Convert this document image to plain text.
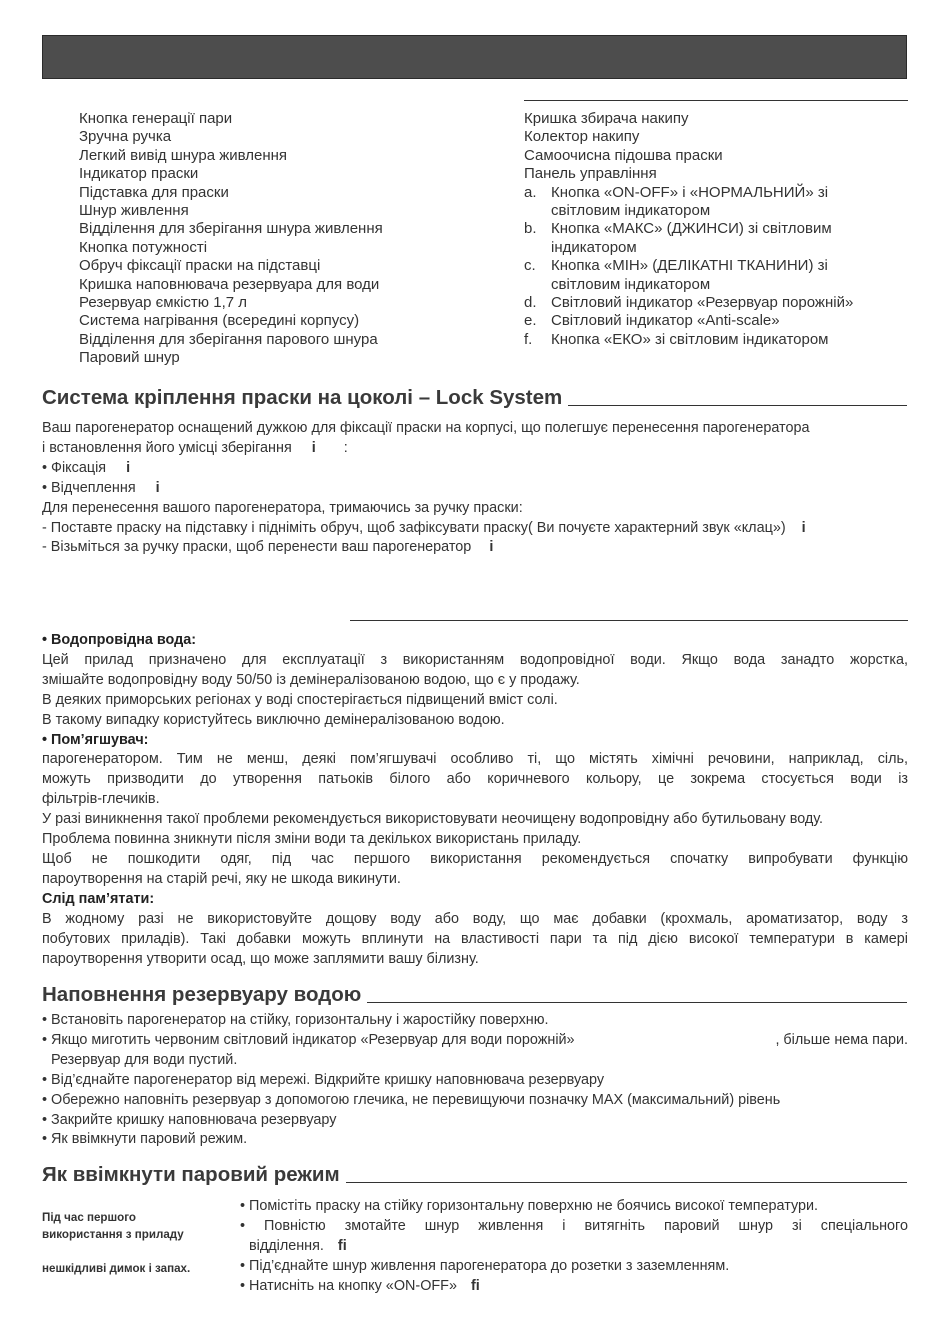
Кнопка генерації пари
Зручна ручка
Легкий вивід шнура живлення
Індикатор праски
Підставка для праски
Шнур живлення
Відділення для зберігання шнура живлення
Кнопка потужності
Обруч фіксації праски на підставці
Кришка наповнювача резервуара для води
Резервуар ємкістю 1,7 л
Система нагрівання (всередині корпусу)
Відділення для зберігання парового шнура
Паровий шнур
Кришка збирача накипу
Колектор накипу
Самоочисна підошва праски
Панель управління
a. Кнопка «ON-OFF» і «НОРМАЛЬНИЙ» зі
світловим індикатором
b. Кнопка «МАКС» (ДЖИНСИ) зі світловим
індикатором
c.	Кнопка «МІН» (ДЕЛІКАТНІ ТКАНИНИ) зі
світловим індикатором
d. Світловий індикатор «Резервуар порожній»
e. Світловий індикатор «Anti-scale»
f.	Кнопка «ЕКО» зі світловим індикатором
Система кріплення праски на цоколі – Lock System
Ваш парогенератор оснащений дужкою для фіксації праски на корпусі, що полегшує перенесення парогенератора
і встановлення його умісці зберігання i :
• Фіксація i
• Відчеплення i
Для перенесення вашого парогенератора, тримаючись за ручку праски:
- Поставте праску на підставку і підніміть обруч, щоб зафіксувати праску( Ви почуєте характерний звук «клац») i
- Візьміться за ручку праски, щоб перенести ваш парогенератор i
• Водопровідна вода:
Цей прилад призначено для експлуатації з використанням водопровідної води. Якщо вода занадто жорстка,
змішайте водопровідну воду 50/50 із демінералізованою водою, що є у продажу.
В деяких приморських регіонах у воді спостерігається підвищений вміст солі.
В такому випадку користуйтесь виключно демінералізованою водою.
• Пом’ягшувач:
парогенератором. Тим не менш, деякі пом’ягшувачі особливо ті, що містять хімічні речовини, наприклад, сіль,
можуть призводити до утворення патьоків білого або коричневого кольору, це зокрема стосується води із
фільтрів-глечиків.
У разі виникнення такої проблеми рекомендується використовувати неочищену водопровідну або бутильовану воду.
Проблема повинна зникнути після зміни води та декількох використань приладу.
Щоб не пошкодити одяг, під час першого використання рекомендується спочатку випробувати функцію
пароутворення на старій речі, яку не шкода викинути.
Слід пам’ятати:
В жодному разі не використовуйте дощову воду або воду, що має добавки (крохмаль, ароматизатор, воду з
побутових приладів). Такі добавки можуть вплинути на властивості пари та під дією високої температури в камері
пароутворення утворити осад, що може заплямити вашу білизну.
Наповнення резервуару водою
• Встановіть парогенератор на стійку, горизонтальну і жаростійку поверхню.
• Якщо миготить червоним світловий індикатор «Резервуар для води порожній»	, більше нема пари.
Резервуар для води пустий.
• Від’єднайте парогенератор від мережі. Відкрийте кришку наповнювача резервуару
• Обережно наповніть резервуар з допомогою глечика, не перевищуючи позначку MAX (максимальний) рівень
• Закрийте кришку наповнювача резервуару
• Як ввімкнути паровий режим.
Як ввімкнути паровий режим
Під час першого
використання з приладу
нешкідливі димок і запах.
• Помістіть праску на стійку горизонтальну поверхню не боячись високої температури.
• Повністю змотайте шнур живлення і витягніть паровий шнур зі спеціального
відділення. fi
• Під’єднайте шнур живлення парогенератора до розетки з заземленням.
• Натисніть на кнопку «ON-OFF» fi
